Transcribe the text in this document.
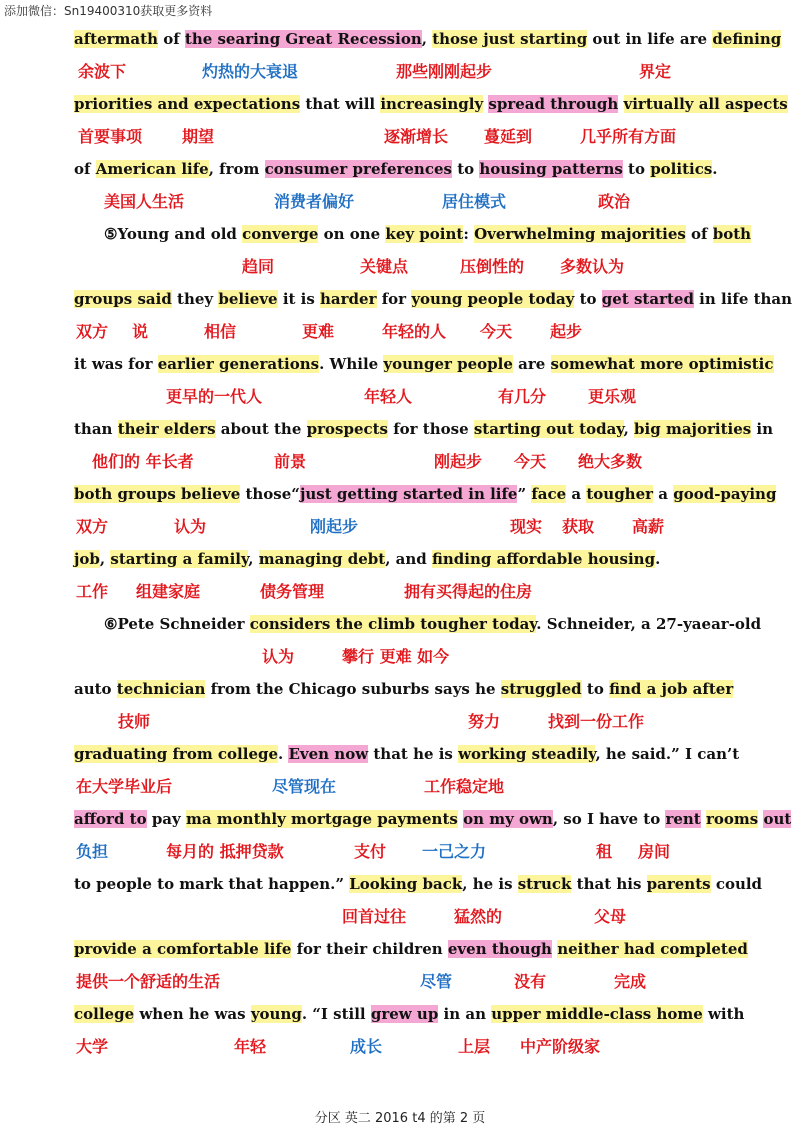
添加微信：Sn19400310获取更多资料
aftermath of the searing Great Recession, those just starting out in life are defining
余波下	灼热的大衰退	那些刚刚起步	界定
priorities and expectations that will increasingly spread through virtually all aspects
首要事项 期望	逐渐增长 蔓延到	几乎所有方面
of American life, from consumer preferences to housing patterns to politics.
美国人生活	消费者偏好	居住模式	政治
⑤Young and old converge on one key point: Overwhelming majorities of both
趋同	关键点	压倒性的 多数认为
groups said they believe it is harder for young people today to get started in life than
双方 说	相信	更难	年轻的人 今天 起步
it was for earlier generations. While younger people are somewhat more optimistic
更早的一代人	年轻人	有几分	更乐观
than their elders about the prospects for those starting out today, big majorities in
他们的 年长者	前景	刚起步 今天 绝大多数
both groups believe those“just getting started in life” face a tougher a good-paying
双方	认为	刚起步	现实 获取 高薪
job, starting a family, managing debt, and finding affordable housing.
工作 组建家庭	债务管理	拥有买得起的住房
⑥Pete Schneider considers the climb tougher today. Schneider, a 27-yaear-old
认为	攀行 更难 如今
auto technician from the Chicago suburbs says he struggled to find a job after
技师	努力	找到一份工作
graduating from college. Even now that he is working steadily, he said.” I can’t
在大学毕业后	尽管现在	工作稳定地
afford to pay ma monthly mortgage payments on my own, so I have to rent rooms out
负担	每月的 抵押贷款	支付 一己之力	租 房间
to people to mark that happen.” Looking back, he is struck that his parents could
回首过往	猛然的	父母
provide a comfortable life for their children even though neither had completed
提供一个舒适的生活	尽管	没有	完成
college when he was young. “I still grew up in an upper middle-class home with
大学	年轻	成长	上层 中产阶级家
分区 英二 2016 t4 的第 2 页
